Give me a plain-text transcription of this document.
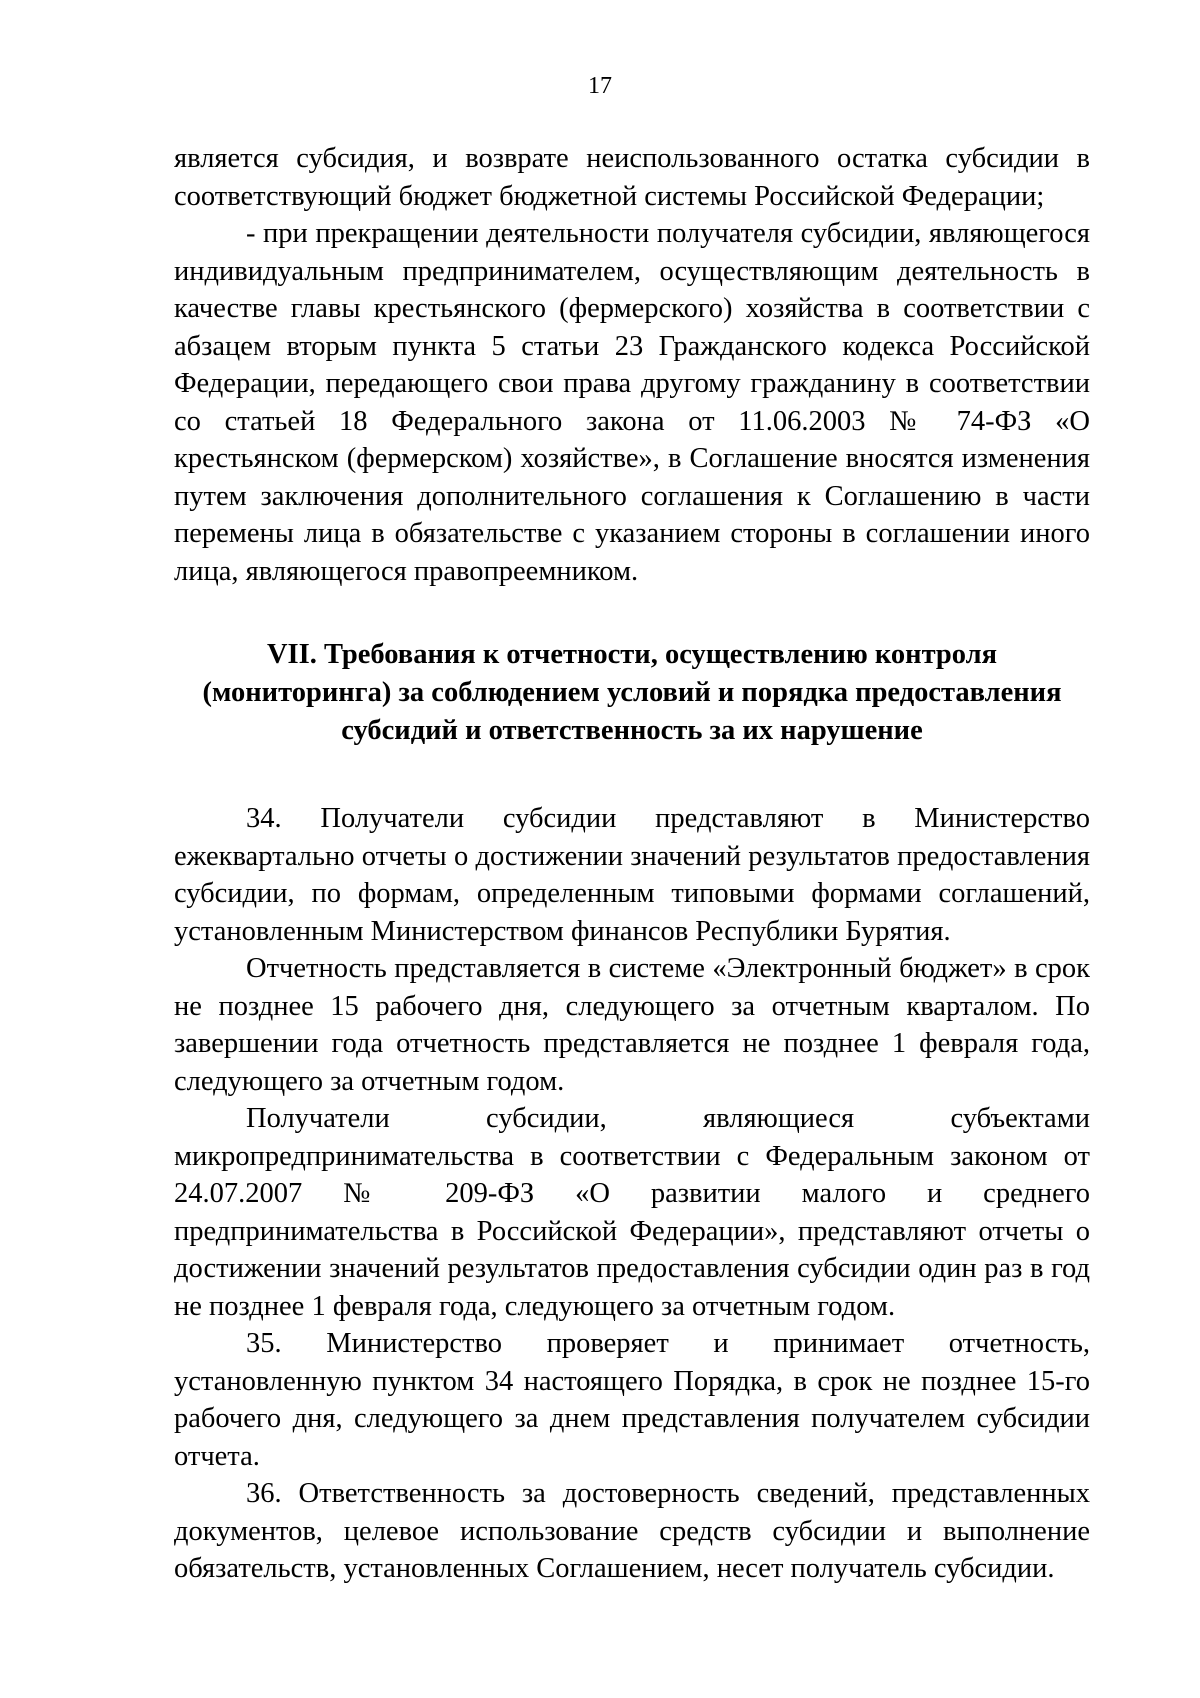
17

является субсидия, и возврате неиспользованного остатка субсидии в соответствующий бюджет бюджетной системы Российской Федерации;

- при прекращении деятельности получателя субсидии, являющегося индивидуальным предпринимателем, осуществляющим деятельность в качестве главы крестьянского (фермерского) хозяйства в соответствии с абзацем вторым пункта 5 статьи 23 Гражданского кодекса Российской Федерации, передающего свои права другому гражданину в соответствии со статьей 18 Федерального закона от 11.06.2003 № 74-ФЗ «О крестьянском (фермерском) хозяйстве», в Соглашение вносятся изменения путем заключения дополнительного соглашения к Соглашению в части перемены лица в обязательстве с указанием стороны в соглашении иного лица, являющегося правопреемником.

VII. Требования к отчетности, осуществлению контроля
(мониторинга) за соблюдением условий и порядка предоставления
субсидий и ответственность за их нарушение

34. Получатели субсидии представляют в Министерство ежеквартально отчеты о достижении значений результатов предоставления субсидии, по формам, определенным типовыми формами соглашений, установленным Министерством финансов Республики Бурятия.

Отчетность представляется в системе «Электронный бюджет» в срок не позднее 15 рабочего дня, следующего за отчетным кварталом. По завершении года отчетность представляется не позднее 1 февраля года, следующего за отчетным годом.

Получатели субсидии, являющиеся субъектами микропредпринимательства в соответствии с Федеральным законом от 24.07.2007 № 209-ФЗ «О развитии малого и среднего предпринимательства в Российской Федерации», представляют отчеты о достижении значений результатов предоставления субсидии один раз в год не позднее 1 февраля года, следующего за отчетным годом.

35. Министерство проверяет и принимает отчетность, установленную пунктом 34 настоящего Порядка, в срок не позднее 15-го рабочего дня, следующего за днем представления получателем субсидии отчета.

36. Ответственность за достоверность сведений, представленных документов, целевое использование средств субсидии и выполнение обязательств, установленных Соглашением, несет получатель субсидии.
